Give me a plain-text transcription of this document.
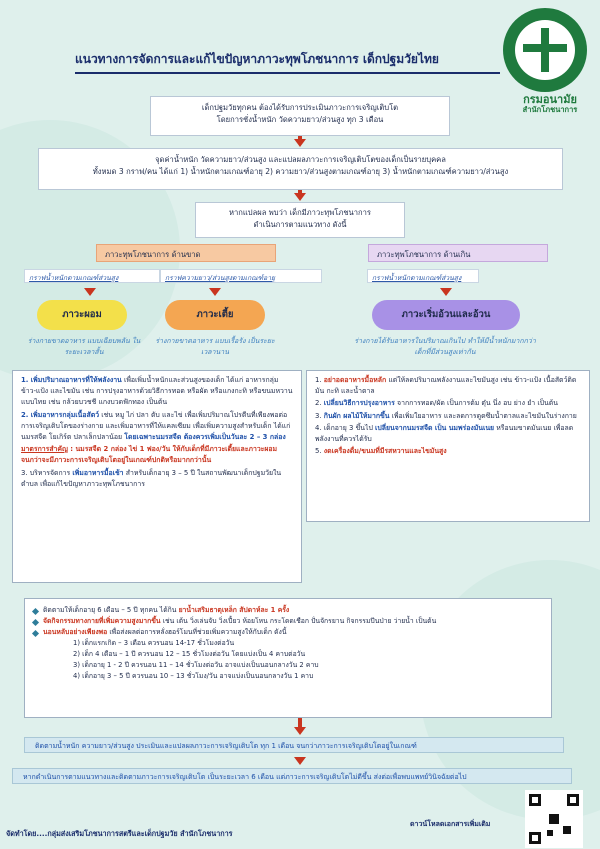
แนวทางการจัดการและแก้ไขปัญหาภาวะทุพโภชนาการ เด็กปฐมวัยไทย
กรมอนามัย
สำนักโภชนาการ
เด็กปฐมวัยทุกคน ต้องได้รับการประเมินภาวะการเจริญเติบโต
โดยการชั่งน้ำหนัก วัดความยาว/ส่วนสูง ทุก 3 เดือน
จุดค่าน้ำหนัก วัดความยาว/ส่วนสูง และแปลผลภาวะการเจริญเติบโตของเด็กเป็นรายบุคคล
ทั้งหมด 3 กราฟ/คน ได้แก่ 1) น้ำหนักตามเกณฑ์อายุ 2) ความยาว/ส่วนสูงตามเกณฑ์อายุ 3) น้ำหนักตามเกณฑ์ความยาว/ส่วนสูง
หากแปลผล พบว่า เด็กมีภาวะทุพโภชนาการ
ดำเนินการตามแนวทาง ดังนี้
ภาวะทุพโภชนาการ ด้านขาด	ภาวะทุพโภชนาการ ด้านเกิน
กราฟน้ำหนักตามเกณฑ์ส่วนสูง	กราฟความยาว/ส่วนสูงตามเกณฑ์อายุ	กราฟน้ำหนักตามเกณฑ์ส่วนสูง
ภาวะผอม	ภาวะเตี้ย	ภาวะเริ่มอ้วนและอ้วน
ร่างกายขาดอาหาร แบบเฉียบพลัน ในระยะเวลาสั้น
ร่างกายขาดอาหาร แบบเรื้อรัง เป็นระยะเวลานาน
ร่างกายได้รับอาหารในปริมาณเกินไป ทำให้มีน้ำหนักมากกว่าเด็กที่มีส่วนสูงเท่ากัน

1. เพิ่มปริมาณอาหารที่ให้พลังงาน เพื่อเพิ่มน้ำหนักและส่วนสูงของเด็ก ได้แก่ อาหารกลุ่มข้าว-แป้ง และไขมัน เช่น การปรุงอาหารด้วยวิธีการทอด หรือผัด หรือแกงกะทิ หรือขนมหวานแบบไทย เช่น กล้วยบวชชี แกงบวดฟักทอง เป็นต้น

2. เพิ่มอาหารกลุ่มเนื้อสัตว์ เช่น หมู ไก่ ปลา ตับ และไข่ เพื่อเพิ่มปริมาณโปรตีนที่เพียงพอต่อการเจริญเติบโตของร่างกาย และเพิ่มอาหารที่ให้แคลเซียม เพื่อเพิ่มความสูงสำหรับเด็ก ได้แก่ นมรสจืด โยเกิร์ต ปลาเล็กปลาน้อย โดยเฉพาะนมรสจืด ต้องควรเพิ่มเป็นวันละ 2 – 3 กล่อง

มาตรการสำคัญ : นมรสจืด 2 กล่อง ไข่ 1 ฟอง/วัน ให้กับเด็กที่มีภาวะเตี้ยและภาวะผอม จนกว่าจะมีภาวะการเจริญเติบโตอยู่ในเกณฑ์ปกติหรือมากกว่านั้น

3. บริหารจัดการ เพิ่มอาหารมื้อเช้า สำหรับเด็กอายุ 3 – 5 ปี ในสถานพัฒนาเด็กปฐมวัยในตำบล เพื่อแก้ไขปัญหาภาวะทุพโภชนาการ

1. อย่าอดอาหารมื้อหลัก แต่ให้ลดปริมาณพลังงานและไขมันสูง เช่น ข้าว-แป้ง เนื้อสัตว์ติดมัน กะทิ และน้ำตาล

2. เปลี่ยนวิธีการปรุงอาหาร จากการทอด/ผัด เป็นการต้ม ตุ๋น นึ่ง อบ ย่าง ยำ เป็นต้น

3. กินผัก ผลไม้ให้มากขึ้น เพื่อเพิ่มใยอาหาร และลดการดูดซึมน้ำตาลและไขมันในร่างกาย

4. เด็กอายุ 3 ขึ้นไป เปลี่ยนจากนมรสจืด เป็น นมพร่องมันเนย หรือนมขาดมันเนย เพื่อลดพลังงานที่ควรได้รับ

5. งดเครื่องดื่ม/ขนมที่มีรสหวานและไขมันสูง

ติดตามให้เด็กอายุ 6 เดือน – 5 ปี ทุกคน ได้กิน ยาน้ำเสริมธาตุเหล็ก สัปดาห์ละ 1 ครั้ง
จัดกิจกรรมทางกายที่เพิ่มความสูงมากขึ้น เช่น เต้น วิ่งเล่นจับ วิ่งเปี้ยว ห้อยโหน กระโดดเชือก ปั่นจักรยาน กิจกรรมปีนป่าย ว่ายน้ำ เป็นต้น
นอนหลับอย่างเพียงพอ เพื่อส่งผลต่อการหลั่งฮอร์โมนที่ช่วยเพิ่มความสูงให้กับเด็ก ดังนี้
1) เด็กแรกเกิด – 3 เดือน ควรนอน 14-17 ชั่วโมงต่อวัน
2) เด็ก 4 เดือน – 1 ปี ควรนอน 12 – 15 ชั่วโมงต่อวัน โดยแบ่งเป็น 4 คาบต่อวัน
3) เด็กอายุ 1 - 2 ปี ควรนอน 11 – 14 ชั่วโมงต่อวัน อาจแบ่งเป็นนอนกลางวัน 2 คาบ
4) เด็กอายุ 3 – 5 ปี ควรนอน 10 – 13 ชั่วโมง/วัน อาจแบ่งเป็นนอนกลางวัน 1 คาบ
ติดตามน้ำหนัก ความยาว/ส่วนสูง ประเมินและแปลผลภาวะการเจริญเติบโต ทุก 1 เดือน จนกว่าภาวะการเจริญเติบโตอยู่ในเกณฑ์
หากดำเนินการตามแนวทางและติดตามภาวะการเจริญเติบโต เป็นระยะเวลา 6 เดือน แต่ภาวะการเจริญเติบโตไม่ดีขึ้น ส่งต่อเพื่อพบแพทย์วินิจฉัยต่อไป
จัดทำโดย....กลุ่มส่งเสริมโภชนาการสตรีและเด็กปฐมวัย สำนักโภชนาการ
ดาวน์โหลดเอกสารเพิ่มเติม
